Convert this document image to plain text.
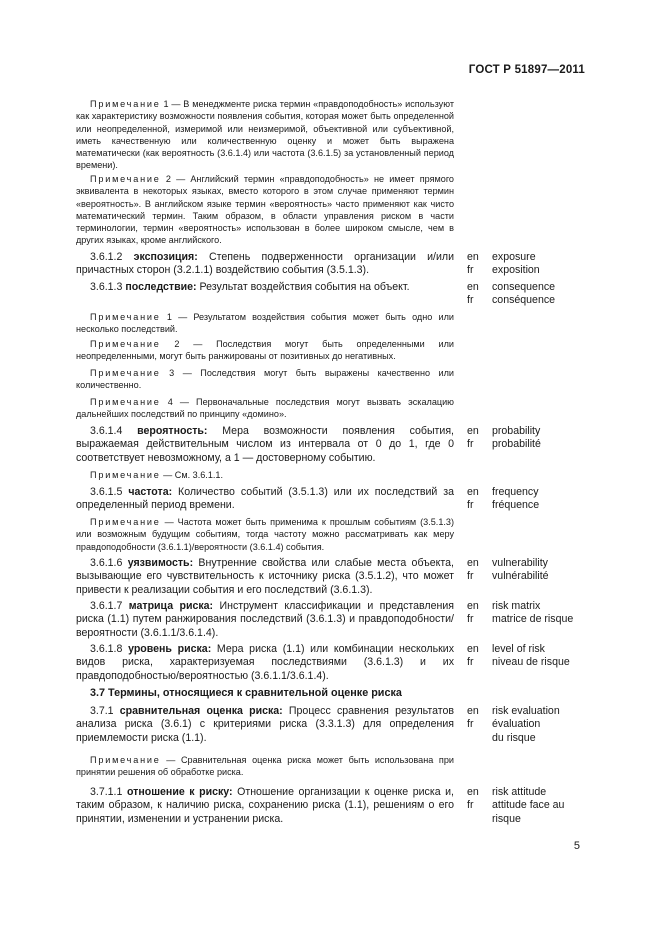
ГОСТ Р 51897—2011
Примечание 1 — В менеджменте риска термин «правдоподобность» используют как характеристику возможности появления события, которая может быть определенной или неопределенной, измеримой или неизмеримой, объективной или субъективной, иметь качественную или количественную оценку и может быть выражена математически (как вероятность (3.6.1.4) или частота (3.6.1.5) за установленный период времени).
Примечание 2 — Английский термин «правдоподобность» не имеет прямого эквивалента в некоторых языках, вместо которого в этом случае применяют термин «вероятность». В английском языке термин «вероятность» часто применяют как чисто математический термин. Таким образом, в области управления риском в части терминологии, термин «вероятность» использован в более широком смысле, чем в других языках, кроме английского.
3.6.1.2 экспозиция: Степень подверженности организации и/или причастных сторон (3.2.1.1) воздействию события (3.5.1.3).
en
fr
exposure
exposition
3.6.1.3 последствие: Результат воздействия события на объект.	en
fr
consequence
conséquence
Примечание 1 — Результатом воздействия события может быть одно или несколько последствий.
Примечание 2 — Последствия могут быть определенными или неопределенными, могут быть ранжированы от позитивных до негативных.
Примечание 3 — Последствия могут быть выражены качественно или количественно.
Примечание 4 — Первоначальные последствия могут вызвать эскалацию дальнейших последствий по принципу «домино».
3.6.1.4 вероятность: Мера возможности появления события, выражаемая действительным числом из интервала от 0 до 1, где 0 соответствует невозможному, а 1 — достоверному событию.
en
fr
probability
probabilité
Примечание — См. 3.6.1.1.
3.6.1.5 частота: Количество событий (3.5.1.3) или их последствий за определенный период времени.
en
fr
frequency
fréquence
Примечание — Частота может быть применима к прошлым событиям (3.5.1.3) или возможным будущим событиям, тогда частоту можно рассматривать как меру правдоподобности (3.6.1.1)/вероятности (3.6.1.4) события.
3.6.1.6 уязвимость: Внутренние свойства или слабые места объекта, вызывающие его чувствительность к источнику риска (3.5.1.2), что может привести к реализации события и его последствий (3.6.1.3).
en
fr
vulnerability
vulnérabilité
3.6.1.7 матрица риска: Инструмент классификации и представления риска (1.1) путем ранжирования последствий (3.6.1.3) и правдоподобности/вероятности (3.6.1.1/3.6.1.4).
en
fr
risk matrix
matrice de risque
3.6.1.8 уровень риска: Мера риска (1.1) или комбинации нескольких видов риска, характеризуемая последствиями (3.6.1.3) и их правдоподобностью/вероятностью (3.6.1.1/3.6.1.4).
en
fr
level of risk
niveau de risque
3.7 Термины, относящиеся к сравнительной оценке риска
3.7.1 сравнительная оценка риска: Процесс сравнения результатов анализа риска (3.6.1) с критериями риска (3.3.1.3) для определения приемлемости риска (1.1).
en
fr
risk evaluation
évaluation
du risque
Примечание — Сравнительная оценка риска может быть использована при принятии решения об обработке риска.
3.7.1.1 отношение к риску: Отношение организации к оценке риска и, таким образом, к наличию риска, сохранению риска (1.1), решениям о его принятии, изменении и устранении риска.
en
fr
risk attitude
attitude face au
risque
5
